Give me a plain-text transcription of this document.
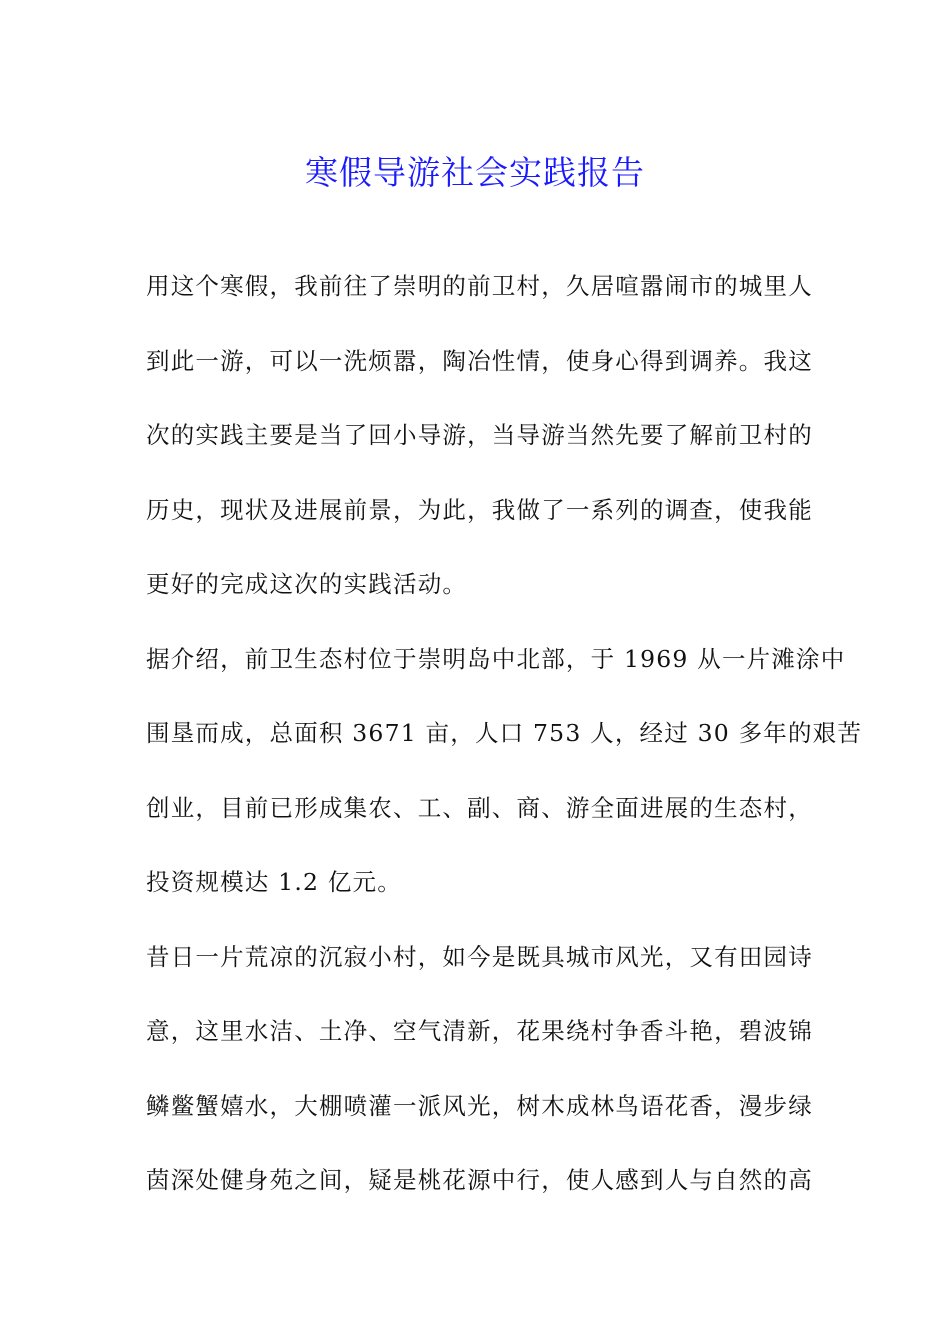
寒假导游社会实践报告
用这个寒假，我前往了崇明的前卫村，久居喧嚣闹市的城里人
到此一游，可以一洗烦嚣，陶冶性情，使身心得到调养。我这
次的实践主要是当了回小导游，当导游当然先要了解前卫村的
历史，现状及进展前景，为此，我做了一系列的调查，使我能
更好的完成这次的实践活动。
据介绍，前卫生态村位于崇明岛中北部，于 1969 从一片滩涂中
围垦而成，总面积 3671 亩，人口 753 人，经过 30 多年的艰苦
创业，目前已形成集农、工、副、商、游全面进展的生态村，
投资规模达 1.2 亿元。
昔日一片荒凉的沉寂小村，如今是既具城市风光，又有田园诗
意，这里水洁、土净、空气清新，花果绕村争香斗艳，碧波锦
鳞鳖蟹嬉水，大棚喷灌一派风光，树木成林鸟语花香，漫步绿
茵深处健身苑之间，疑是桃花源中行，使人感到人与自然的高
